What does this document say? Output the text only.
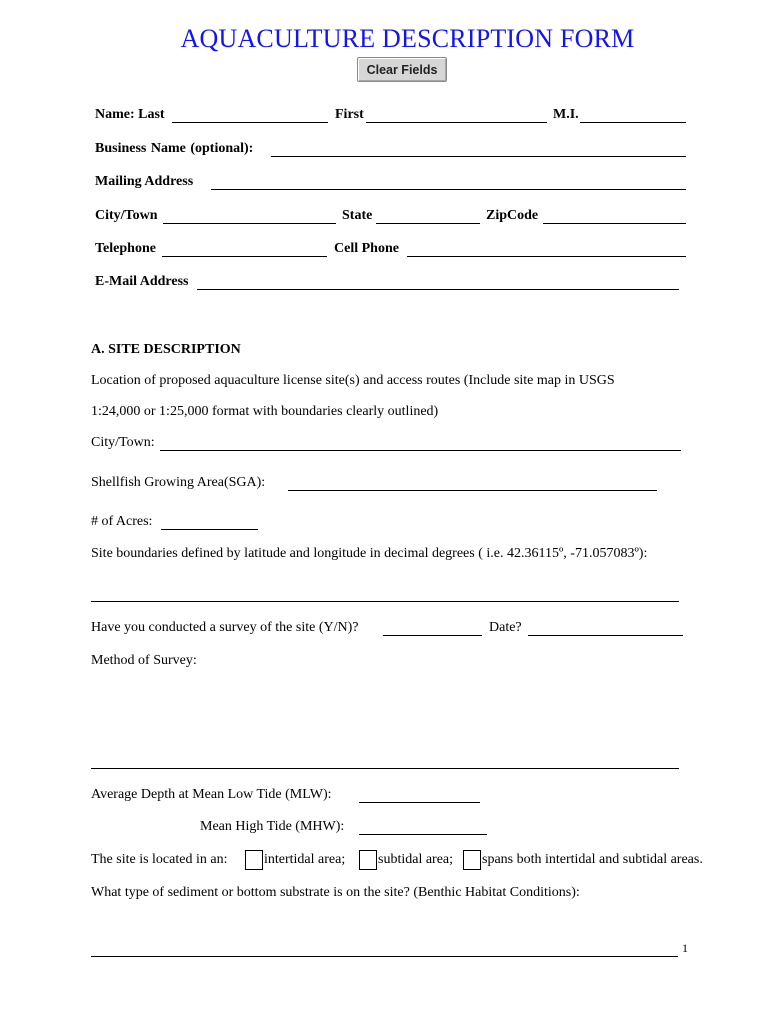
AQUACULTURE DESCRIPTION FORM
Clear Fields
Name: Last	First	M.I.
Business Name (optional):
Mailing Address
City/Town	State	ZipCode
Telephone	Cell Phone
E-Mail Address
A. SITE DESCRIPTION
Location of proposed aquaculture license site(s) and access routes (Include site map in USGS
1:24,000 or 1:25,000 format with boundaries clearly outlined)
City/Town:
Shellfish Growing Area(SGA):
# of Acres:
Site boundaries defined by latitude and longitude in decimal degrees ( i.e. 42.36115º, -71.057083º):
Have you conducted a survey of the site (Y/N)?	Date?
Method of Survey:
Average Depth at Mean Low Tide (MLW):
Mean High Tide (MHW):
The site is located in an:	intertidal area; subtidal area; spans both intertidal and subtidal areas.
What type of sediment or bottom substrate is on the site? (Benthic Habitat Conditions):
1
